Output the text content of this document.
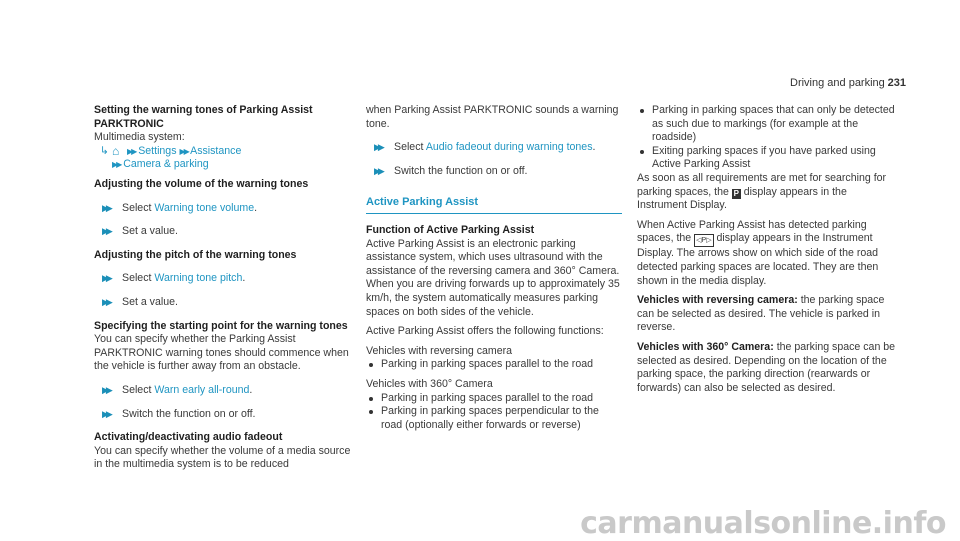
Driving and parking 231
Setting the warning tones of Parking Assist
PARKTRONIC
Multimedia system:
↳ ⌂ ▶▶ Settings ▶▶ Assistance
▶▶ Camera & parking
Adjusting the volume of the warning tones
▶▶ Select Warning tone volume.
▶▶ Set a value.
Adjusting the pitch of the warning tones
▶▶ Select Warning tone pitch.
▶▶ Set a value.
Specifying the starting point for the warning tones

You can specify whether the Parking Assist PARKTRONIC warning tones should commence when the vehicle is further away from an obstacle.

▶▶ Select Warn early all-round.
▶▶ Switch the function on or off.
Activating/deactivating audio fadeout

You can specify whether the volume of a media source in the multimedia system is to be reduced

when Parking Assist PARKTRONIC sounds a warning tone.

▶▶ Select Audio fadeout during warning tones.
▶▶ Switch the function on or off.
Active Parking Assist
Function of Active Parking Assist

Active Parking Assist is an electronic parking assistance system, which uses ultrasound with the assistance of the reversing camera and 360° Camera. When you are driving forwards up to approximately 35 km/h, the system automatically measures parking spaces on both sides of the vehicle.

Active Parking Assist offers the following functions:

Vehicles with reversing camera

Parking in parking spaces parallel to the road

Vehicles with 360° Camera

Parking in parking spaces parallel to the road
Parking in parking spaces perpendicular to the road (optionally either forwards or reverse)
Parking in parking spaces that can only be detected as such due to markings (for example at the roadside)
Exiting parking spaces if you have parked using Active Parking Assist

As soon as all requirements are met for searching for parking spaces, the P display appears in the Instrument Display.

When Active Parking Assist has detected parking spaces, the ◁P▷ display appears in the Instrument Display. The arrows show on which side of the road detected parking spaces are located. They are then shown in the media display.

Vehicles with reversing camera: the parking space can be selected as desired. The vehicle is parked in reverse.

Vehicles with 360° Camera: the parking space can be selected as desired. Depending on the location of the parking space, the parking direction (rearwards or forwards) can also be selected as desired.

carmanualsonline.info
